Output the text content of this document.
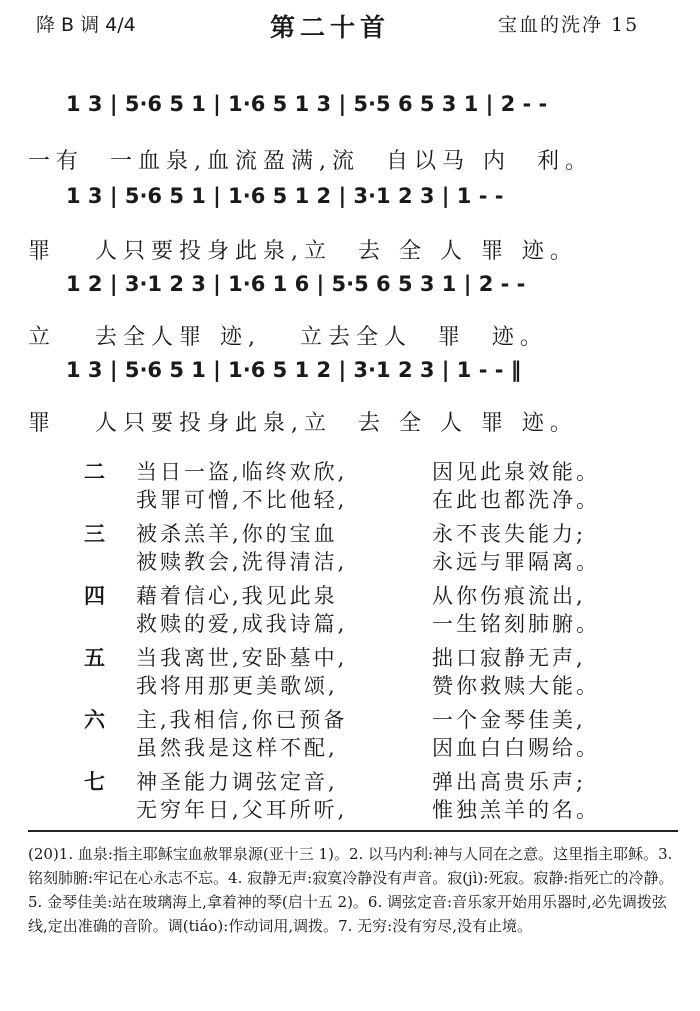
降 B 调 4/4	第二十首	宝血的洗净 15
1 3 | 5·6 5 1 | 1·6 5 1 3 | 5·5 6 5 3 1 | 2 - -
一有  一血泉,血流盈满,流  自以马 内  利。
1 3 | 5·6 5 1 | 1·6 5 1 2 | 3·1 2 3 | 1 - -
罪   人只要投身此泉,立  去 全 人 罪 迹。
1 2 | 3·1 2 3 | 1·6 1 6 | 5·5 6 5 3 1 | 2 - -
立   去全人罪 迹,   立去全人  罪  迹。
1 3 | 5·6 5 1 | 1·6 5 1 2 | 3·1 2 3 | 1 - - ‖
罪   人只要投身此泉,立  去 全 人 罪 迹。
二 当日一盗,临终欢欣,	因见此泉效能。
我罪可憎,不比他轻,	在此也都洗净。
三 被杀羔羊,你的宝血	永不丧失能力;
被赎教会,洗得清洁,	永远与罪隔离。
四 藉着信心,我见此泉	从你伤痕流出,
救赎的爱,成我诗篇,	一生铭刻肺腑。
五 当我离世,安卧墓中,	拙口寂静无声,
我将用那更美歌颂,	赞你救赎大能。
六 主,我相信,你已预备	一个金琴佳美,
虽然我是这样不配,	因血白白赐给。
七 神圣能力调弦定音,	弹出高贵乐声;
无穷年日,父耳所听,	惟独羔羊的名。
(20)1. 血泉:指主耶稣宝血赦罪泉源(亚十三 1)。2. 以马内利:神与人同在之意。这里指主耶稣。3. 铭刻肺腑:牢记在心永志不忘。4. 寂静无声:寂寞冷静没有声音。寂(jì):死寂。寂静:指死亡的冷静。5. 金琴佳美:站在玻璃海上,拿着神的琴(启十五 2)。6. 调弦定音:音乐家开始用乐器时,必先调拨弦线,定出准确的音阶。调(tiáo):作动词用,调拨。7. 无穷:没有穷尽,没有止境。
